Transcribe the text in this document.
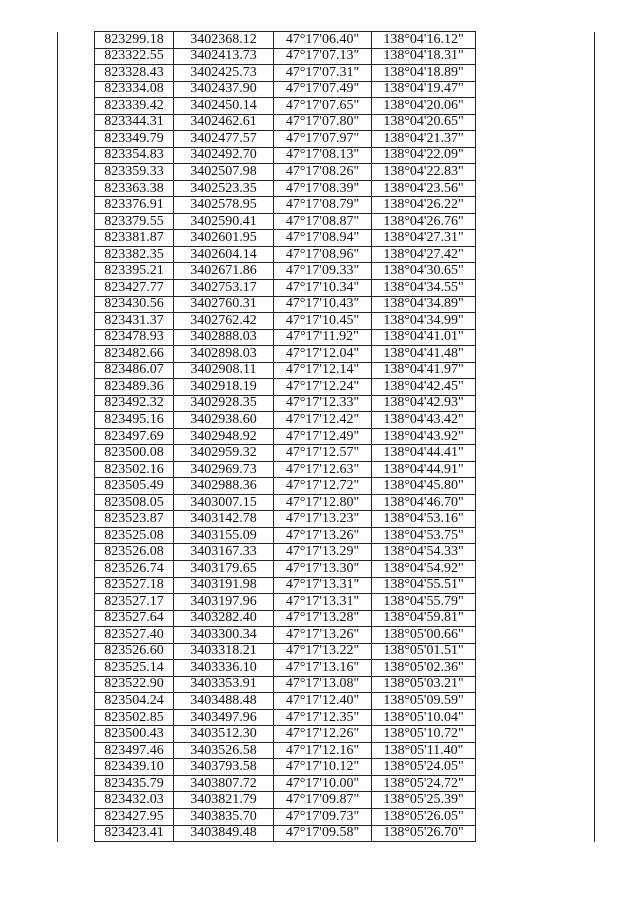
	823299.18	3402368.12	47°17'06.40"	138°04'16.12"	
	823322.55	3402413.73	47°17'07.13"	138°04'18.31"	
	823328.43	3402425.73	47°17'07.31"	138°04'18.89"	
	823334.08	3402437.90	47°17'07.49"	138°04'19.47"	
	823339.42	3402450.14	47°17'07.65"	138°04'20.06"	
	823344.31	3402462.61	47°17'07.80"	138°04'20.65"	
	823349.79	3402477.57	47°17'07.97"	138°04'21.37"	
	823354.83	3402492.70	47°17'08.13"	138°04'22.09"	
	823359.33	3402507.98	47°17'08.26"	138°04'22.83"	
	823363.38	3402523.35	47°17'08.39"	138°04'23.56"	
	823376.91	3402578.95	47°17'08.79"	138°04'26.22"	
	823379.55	3402590.41	47°17'08.87"	138°04'26.76"	
	823381.87	3402601.95	47°17'08.94"	138°04'27.31"	
	823382.35	3402604.14	47°17'08.96"	138°04'27.42"	
	823395.21	3402671.86	47°17'09.33"	138°04'30.65"	
	823427.77	3402753.17	47°17'10.34"	138°04'34.55"	
	823430.56	3402760.31	47°17'10.43"	138°04'34.89"	
	823431.37	3402762.42	47°17'10.45"	138°04'34.99"	
	823478.93	3402888.03	47°17'11.92"	138°04'41.01"	
	823482.66	3402898.03	47°17'12.04"	138°04'41.48"	
	823486.07	3402908.11	47°17'12.14"	138°04'41.97"	
	823489.36	3402918.19	47°17'12.24"	138°04'42.45"	
	823492.32	3402928.35	47°17'12.33"	138°04'42.93"	
	823495.16	3402938.60	47°17'12.42"	138°04'43.42"	
	823497.69	3402948.92	47°17'12.49"	138°04'43.92"	
	823500.08	3402959.32	47°17'12.57"	138°04'44.41"	
	823502.16	3402969.73	47°17'12.63"	138°04'44.91"	
	823505.49	3402988.36	47°17'12.72"	138°04'45.80"	
	823508.05	3403007.15	47°17'12.80"	138°04'46.70"	
	823523.87	3403142.78	47°17'13.23"	138°04'53.16"	
	823525.08	3403155.09	47°17'13.26"	138°04'53.75"	
	823526.08	3403167.33	47°17'13.29"	138°04'54.33"	
	823526.74	3403179.65	47°17'13.30"	138°04'54.92"	
	823527.18	3403191.98	47°17'13.31"	138°04'55.51"	
	823527.17	3403197.96	47°17'13.31"	138°04'55.79"	
	823527.64	3403282.40	47°17'13.28"	138°04'59.81"	
	823527.40	3403300.34	47°17'13.26"	138°05'00.66"	
	823526.60	3403318.21	47°17'13.22"	138°05'01.51"	
	823525.14	3403336.10	47°17'13.16"	138°05'02.36"	
	823522.90	3403353.91	47°17'13.08"	138°05'03.21"	
	823504.24	3403488.48	47°17'12.40"	138°05'09.59"	
	823502.85	3403497.96	47°17'12.35"	138°05'10.04"	
	823500.43	3403512.30	47°17'12.26"	138°05'10.72"	
	823497.46	3403526.58	47°17'12.16"	138°05'11.40"	
	823439.10	3403793.58	47°17'10.12"	138°05'24.05"	
	823435.79	3403807.72	47°17'10.00"	138°05'24.72"	
	823432.03	3403821.79	47°17'09.87"	138°05'25.39"	
	823427.95	3403835.70	47°17'09.73"	138°05'26.05"	
	823423.41	3403849.48	47°17'09.58"	138°05'26.70"	
